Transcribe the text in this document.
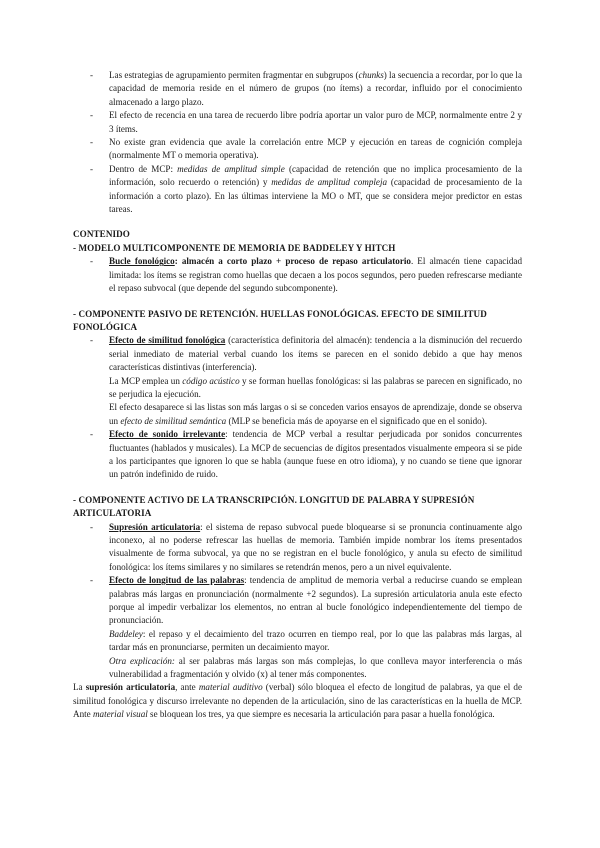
- Las estrategias de agrupamiento permiten fragmentar en subgrupos (chunks) la secuencia a recordar, por lo que la capacidad de memoria reside en el número de grupos (no ítems) a recordar, influido por el conocimiento almacenado a largo plazo.
- El efecto de recencia en una tarea de recuerdo libre podría aportar un valor puro de MCP, normalmente entre 2 y 3 ítems.
- No existe gran evidencia que avale la correlación entre MCP y ejecución en tareas de cognición compleja (normalmente MT o memoria operativa).
- Dentro de MCP: medidas de amplitud simple (capacidad de retención que no implica procesamiento de la información, solo recuerdo o retención) y medidas de amplitud compleja (capacidad de procesamiento de la información a corto plazo). En las últimas interviene la MO o MT, que se considera mejor predictor en estas tareas.
CONTENIDO
- MODELO MULTICOMPONENTE DE MEMORIA DE BADDELEY Y HITCH
- Bucle fonológico: almacén a corto plazo + proceso de repaso articulatorio. El almacén tiene capacidad limitada: los ítems se registran como huellas que decaen a los pocos segundos, pero pueden refrescarse mediante el repaso subvocal (que depende del segundo subcomponente).
- COMPONENTE PASIVO DE RETENCIÓN. HUELLAS FONOLÓGICAS. EFECTO DE SIMILITUD FONOLÓGICA
- Efecto de similitud fonológica (característica definitoria del almacén): tendencia a la disminución del recuerdo serial inmediato de material verbal cuando los ítems se parecen en el sonido debido a que hay menos características distintivas (interferencia).
La MCP emplea un código acústico y se forman huellas fonológicas: si las palabras se parecen en significado, no se perjudica la ejecución.
El efecto desaparece si las listas son más largas o si se conceden varios ensayos de aprendizaje, donde se observa un efecto de similitud semántica (MLP se beneficia más de apoyarse en el significado que en el sonido).
- Efecto de sonido irrelevante: tendencia de MCP verbal a resultar perjudicada por sonidos concurrentes fluctuantes (hablados y musicales). La MCP de secuencias de dígitos presentados visualmente empeora si se pide a los participantes que ignoren lo que se habla (aunque fuese en otro idioma), y no cuando se tiene que ignorar un patrón indefinido de ruido.
- COMPONENTE ACTIVO DE LA TRANSCRIPCIÓN. LONGITUD DE PALABRA Y SUPRESIÓN ARTICULATORIA
- Supresión articulatoria: el sistema de repaso subvocal puede bloquearse si se pronuncia continuamente algo inconexo, al no poderse refrescar las huellas de memoria. También impide nombrar los ítems presentados visualmente de forma subvocal, ya que no se registran en el bucle fonológico, y anula su efecto de similitud fonológica: los ítems similares y no similares se retendrán menos, pero a un nivel equivalente.
- Efecto de longitud de las palabras: tendencia de amplitud de memoria verbal a reducirse cuando se emplean palabras más largas en pronunciación (normalmente +2 segundos). La supresión articulatoria anula este efecto porque al impedir verbalizar los elementos, no entran al bucle fonológico independientemente del tiempo de pronunciación.
Baddeley: el repaso y el decaimiento del trazo ocurren en tiempo real, por lo que las palabras más largas, al tardar más en pronunciarse, permiten un decaimiento mayor.
Otra explicación: al ser palabras más largas son más complejas, lo que conlleva mayor interferencia o más vulnerabilidad a fragmentación y olvido (x) al tener más componentes.
La supresión articulatoria, ante material auditivo (verbal) sólo bloquea el efecto de longitud de palabras, ya que el de similitud fonológica y discurso irrelevante no dependen de la articulación, sino de las características en la huella de MCP. Ante material visual se bloquean los tres, ya que siempre es necesaria la articulación para pasar a huella fonológica.
